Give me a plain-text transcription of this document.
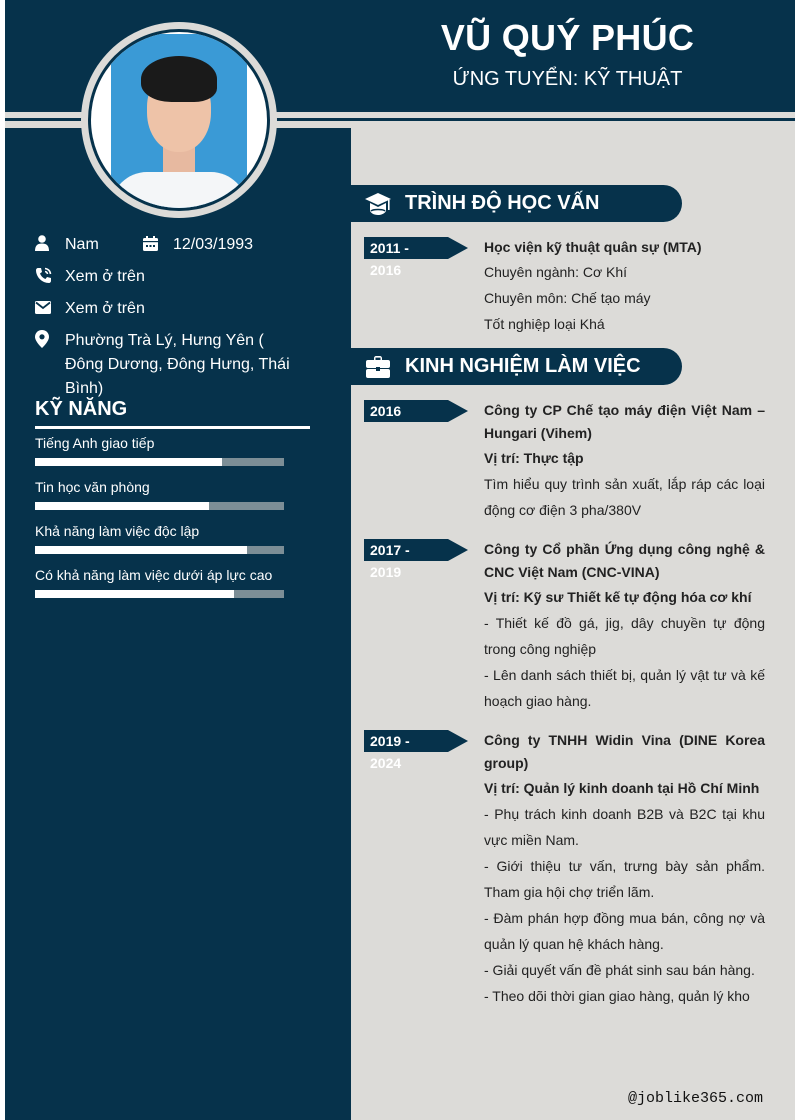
VŨ QUÝ PHÚC
ỨNG TUYỂN: KỸ THUẬT
Nam	12/03/1993
Xem ở trên
Xem ở trên
Phường Trà Lý, Hưng Yên ( Đông Dương, Đông Hưng, Thái Bình)
KỸ NĂNG
Tiếng Anh giao tiếp
Tin học văn phòng
Khả năng làm việc độc lập
Có khả năng làm việc dưới áp lực cao
TRÌNH ĐỘ HỌC VẤN
2011 - 2016

Học viện kỹ thuật quân sự (MTA)

Chuyên ngành: Cơ Khí

Chuyên môn: Chế tạo máy

Tốt nghiệp loại Khá

KINH NGHIỆM LÀM VIỆC
2016	Công ty CP Chế tạo máy điện Việt Nam – Hungari (Vihem)

Vị trí: Thực tập

Tìm hiểu quy trình sản xuất, lắp ráp các loại động cơ điện 3 pha/380V

2017 - 2019

Công ty Cổ phần Ứng dụng công nghệ & CNC Việt Nam (CNC-VINA)

Vị trí: Kỹ sư Thiết kế tự động hóa cơ khí

- Thiết kế đồ gá, jig, dây chuyền tự động trong công nghiệp

- Lên danh sách thiết bị, quản lý vật tư và kế hoạch giao hàng.

2019 - 2024

Công ty TNHH Widin Vina (DINE Korea group)

Vị trí: Quản lý kinh doanh tại Hồ Chí Minh

- Phụ trách kinh doanh B2B và B2C tại khu vực miền Nam.

- Giới thiệu tư vấn, trưng bày sản phẩm. Tham gia hội chợ triển lãm.

- Đàm phán hợp đồng mua bán, công nợ và quản lý quan hệ khách hàng.

- Giải quyết vấn đề phát sinh sau bán hàng.

- Theo dõi thời gian giao hàng, quản lý kho

@joblike365.com
